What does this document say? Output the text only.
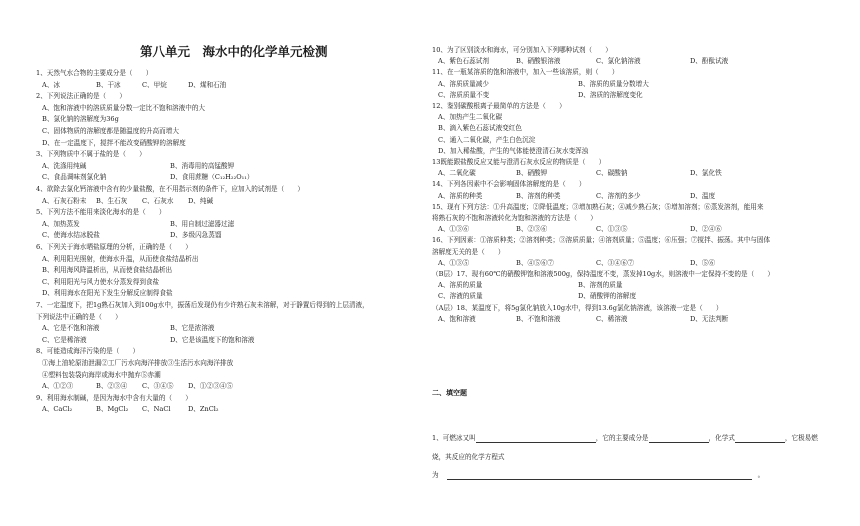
第八单元　海水中的化学单元检测
二、填空题
1、可燃冰又叫	，它的主要成分是	，化学式	，它极易燃
烧，其反应的化学方程式
为	。
1、天然气水合物的主要成分是（　　）
A、冰	B、干冰	C、甲烷	D、煤和石油
2、下列说法正确的是（　　）
A、饱和溶液中的溶质质量分数一定比不饱和溶液中的大
B、氯化钠的溶解度为36g
C、固体物质的溶解度都是随温度的升高而增大
D、在一定温度下，搅拌不能改变硝酸钾的溶解度
3、下列物质中不属于盐的是（　　）
A、洗涤用纯碱	B、消毒用的高锰酸钾
C、食品调味剂氯化钠	D、食用蔗糖（C₁₂H₂₂O₁₁）
4、欲除去氯化钙溶液中含有的少量盐酸，在不用指示剂的条件下，应加入的试剂是（　　）
A、石灰石粉末 B、生石灰 C、石灰水 D、纯碱
5、下列方法不能用来淡化海水的是（　　）
A、加热蒸发	B、用自制过滤器过滤
C、使海水结冰脱盐	D、多级闪急蒸馏
6、下列关于海水晒盐原理的分析，正确的是（　　）
A、利用阳光照射，使海水升温，从而使食盐结晶析出
B、利用海风降温析出，从而使食盐结晶析出
C、利用阳光与风力使水分蒸发得到食盐
D、利用海水在阳光下发生分解反应制得食盐
7、一定温度下，把1g熟石灰加入到100g水中，振荡后发现仍有少许熟石灰未溶解，对于静置后得到的上层清液，
下列说法中正确的是（　　）
A、它是不饱和溶液	B、它是浓溶液
C、它是稀溶液	D、它是该温度下的饱和溶液
8、可能造成海洋污染的是（　　）
①海上油轮原油泄漏②工厂污水向海洋排放③生活污水向海洋排放
④塑料包装袋向海岸或海水中抛弃⑤赤潮
A、①②③	B、②③④ C、③④⑤ D、①②③④⑤
9、利用海水制碱，是因为海水中含有大量的（　　）
A、CaCl₂	B、MgCl₂ C、NaCl	D、ZnCl₂
10、为了区别淡水和海水，可分别加入下列哪种试剂（　　）
A、紫色石蕊试剂	B、硝酸银溶液	C、氯化钠溶液	D、酚酞试液
11、在一瓶某溶质的饱和溶液中，加入一些该溶质，则（　　）
A、溶质质量减少	B、溶质的质量分数增大
C、溶质质量不变	D、溶质的溶解度变化
12、鉴别碳酸根离子最简单的方法是（　　）
A、加热产生二氧化碳
B、滴入紫色石蕊试液变红色
C、通入二氧化碳，产生白色沉淀
D、加入稀盐酸，产生的气体能使澄清石灰水变浑浊
13既能跟盐酸反应又能与澄清石灰水反应的物质是（　　）
A、二氧化碳	B、硝酸钾	C、碳酸钠	D、氯化铁
14、下列各因素中不会影响固体溶解度的是（　　）
A、溶质的种类	B、溶剂的种类	C、溶剂的多少	D、温度
15、现有下列方法：①升高温度；②降低温度；③增加熟石灰；④减少熟石灰；⑤增加溶剂；⑥蒸发溶剂，能用来
将熟石灰的不饱和溶液转化为饱和溶液的方法是（　　）
A、①③⑥	B、②③⑥	C、①③⑤	D、②④⑥
16、下列因素：①溶质种类；②溶剂种类；③溶质质量；④溶剂质量；⑤温度；⑥压强；⑦搅拌、振荡。其中与固体
溶解度无关的是（　　）
A、①③⑤	B、④⑤⑥⑦	C、③④⑥⑦	D、⑤⑥
（B层）17、现有60℃的硝酸钾饱和溶液500g，保持温度不变，蒸发掉10g水，则溶液中一定保持不变的是（　　）
A、溶质的质量	B、溶剂的质量
C、溶液的质量	D、硝酸钾的溶解度
（A层）18、某温度下，将5g氯化钠放入10g水中，得到13.6g氯化钠溶液，该溶液一定是（　　）
A、饱和溶液	B、不饱和溶液	C、稀溶液	D、无法判断
